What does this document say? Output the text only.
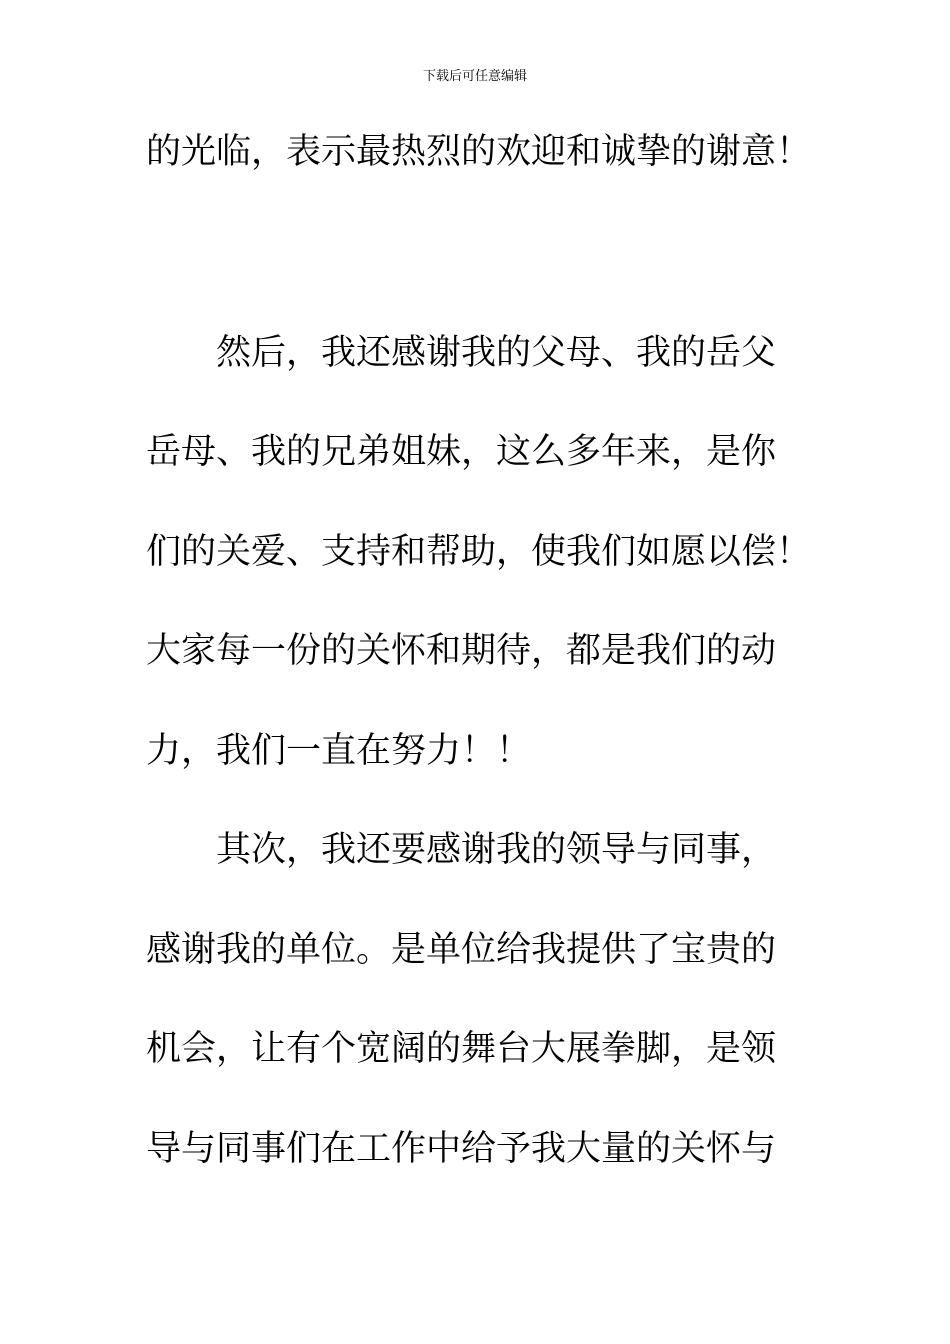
下载后可任意编辑
的光临，表示最热烈的欢迎和诚挚的谢意！
　　然后，我还感谢我的父母、我的岳父
岳母、我的兄弟姐妹，这么多年来，是你
们的关爱、支持和帮助，使我们如愿以偿！
大家每一份的关怀和期待，都是我们的动
力，我们一直在努力！！
　　其次，我还要感谢我的领导与同事，
感谢我的单位。是单位给我提供了宝贵的
机会，让有个宽阔的舞台大展拳脚，是领
导与同事们在工作中给予我大量的关怀与
